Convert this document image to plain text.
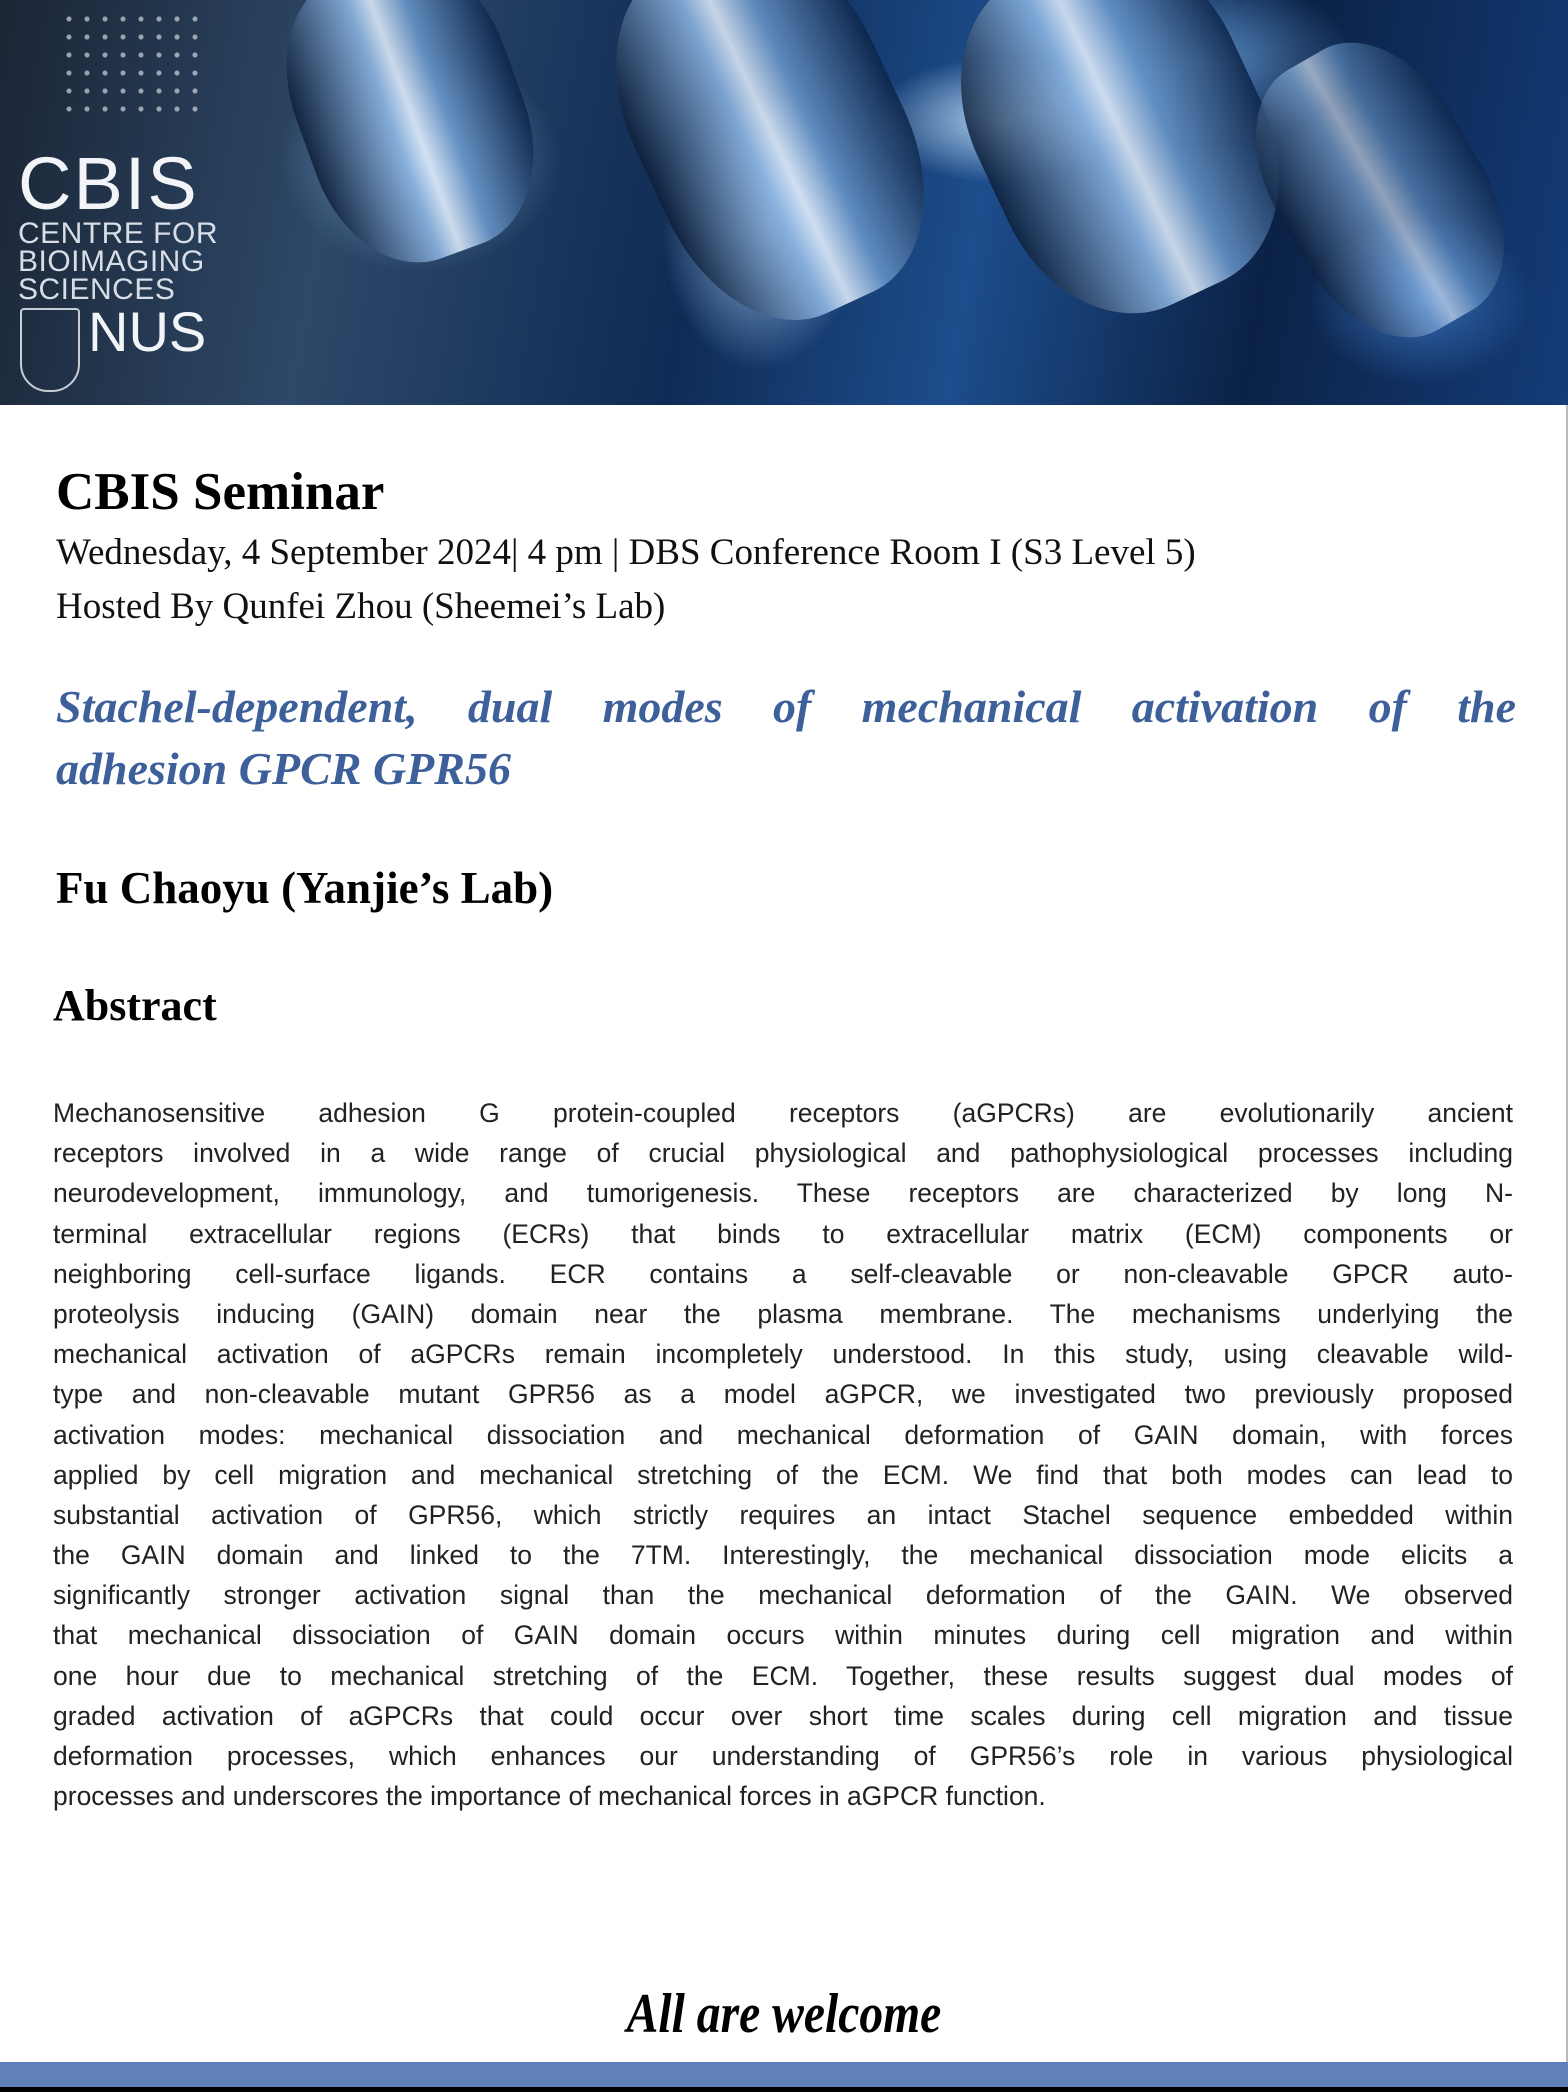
CBIS
CENTRE FOR
BIOIMAGING
SCIENCES
NUS
CBIS Seminar
Wednesday, 4 September 2024| 4 pm | DBS Conference Room I (S3 Level 5)
Hosted By Qunfei Zhou (Sheemei’s Lab)
Stachel-dependent, dual modes of mechanical activation of the
adhesion GPCR GPR56
Fu Chaoyu (Yanjie’s Lab)
Abstract
Mechanosensitive adhesion G protein-coupled receptors (aGPCRs) are evolutionarily ancient
receptors involved in a wide range of crucial physiological and pathophysiological processes including
neurodevelopment, immunology, and tumorigenesis. These receptors are characterized by long N-
terminal extracellular regions (ECRs) that binds to extracellular matrix (ECM) components or
neighboring cell-surface ligands. ECR contains a self-cleavable or non-cleavable GPCR auto-
proteolysis inducing (GAIN) domain near the plasma membrane. The mechanisms underlying the
mechanical activation of aGPCRs remain incompletely understood. In this study, using cleavable wild-
type and non-cleavable mutant GPR56 as a model aGPCR, we investigated two previously proposed
activation modes: mechanical dissociation and mechanical deformation of GAIN domain, with forces
applied by cell migration and mechanical stretching of the ECM. We find that both modes can lead to
substantial activation of GPR56, which strictly requires an intact Stachel sequence embedded within
the GAIN domain and linked to the 7TM. Interestingly, the mechanical dissociation mode elicits a
significantly stronger activation signal than the mechanical deformation of the GAIN. We observed
that mechanical dissociation of GAIN domain occurs within minutes during cell migration and within
one hour due to mechanical stretching of the ECM. Together, these results suggest dual modes of
graded activation of aGPCRs that could occur over short time scales during cell migration and tissue
deformation processes, which enhances our understanding of GPR56’s role in various physiological
processes and underscores the importance of mechanical forces in aGPCR function.
All are welcome
